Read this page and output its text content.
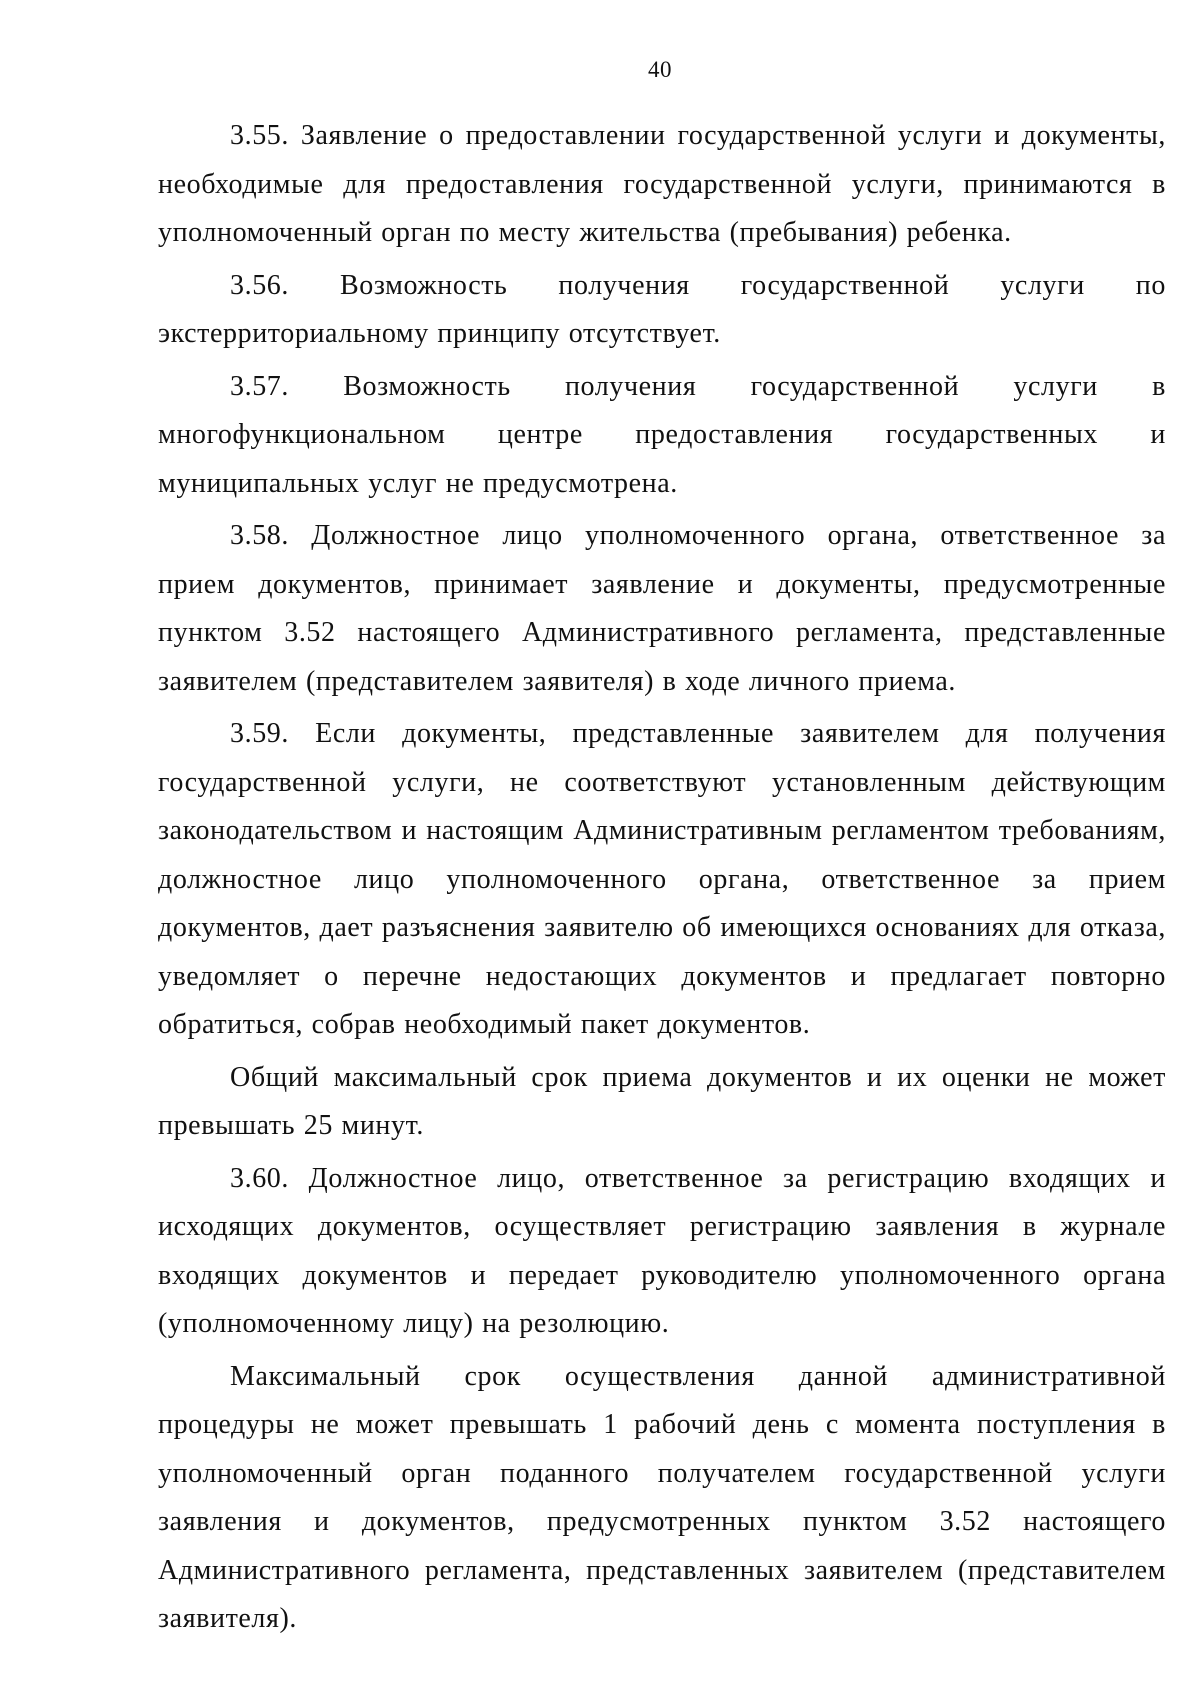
40

3.55. Заявление о предоставлении государственной услуги и документы, необходимые для предоставления государственной услуги, принимаются в уполномоченный орган по месту жительства (пребывания) ребенка.

3.56. Возможность получения государственной услуги по экстерриториальному принципу отсутствует.

3.57. Возможность получения государственной услуги в многофункциональном центре предоставления государственных и муниципальных услуг не предусмотрена.

3.58. Должностное лицо уполномоченного органа, ответственное за прием документов, принимает заявление и документы, предусмотренные пунктом 3.52 настоящего Административного регламента, представленные заявителем (представителем заявителя) в ходе личного приема.

3.59. Если документы, представленные заявителем для получения государственной услуги, не соответствуют установленным действующим законодательством и настоящим Административным регламентом требованиям, должностное лицо уполномоченного органа, ответственное за прием документов, дает разъяснения заявителю об имеющихся основаниях для отказа, уведомляет о перечне недостающих документов и предлагает повторно обратиться, собрав необходимый пакет документов.

Общий максимальный срок приема документов и их оценки не может превышать 25 минут.

3.60. Должностное лицо, ответственное за регистрацию входящих и исходящих документов, осуществляет регистрацию заявления в журнале входящих документов и передает руководителю уполномоченного органа (уполномоченному лицу) на резолюцию.

Максимальный срок осуществления данной административной процедуры не может превышать 1 рабочий день с момента поступления в уполномоченный орган поданного получателем государственной услуги заявления и документов, предусмотренных пунктом 3.52 настоящего Административного регламента, представленных заявителем (представителем заявителя).
